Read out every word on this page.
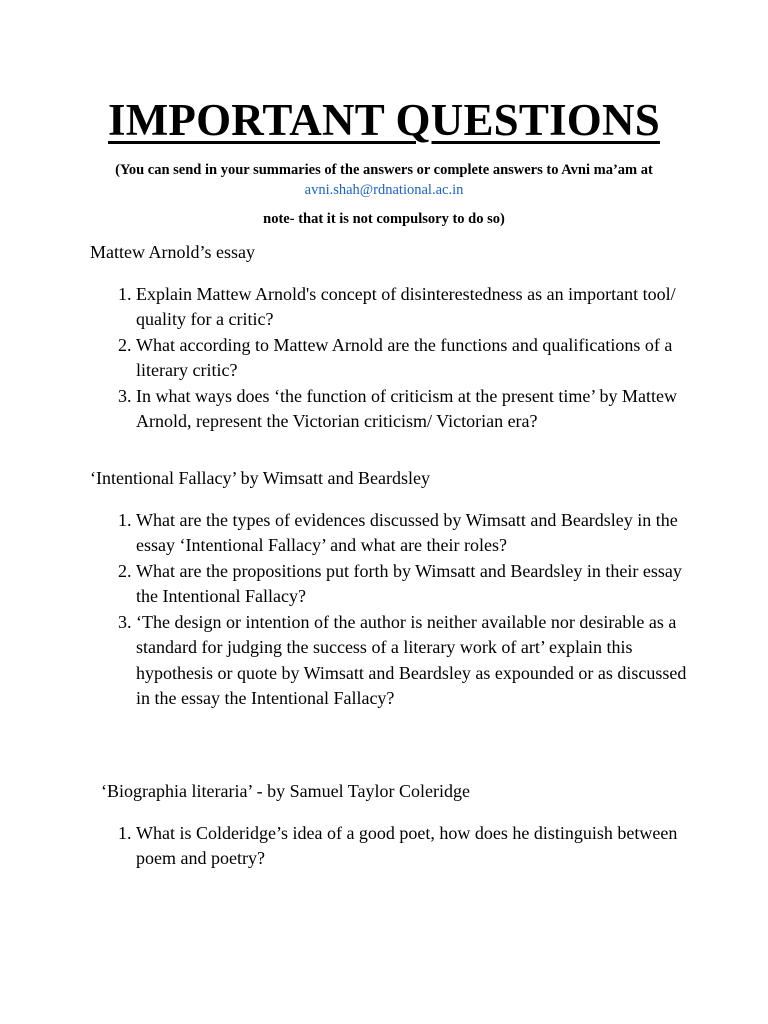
IMPORTANT QUESTIONS
(You can send in your summaries of the answers or complete answers to Avni ma’am at
avni.shah@rdnational.ac.in
note- that it is not compulsory to do so)
Mattew Arnold’s essay
1. Explain Mattew Arnold's concept of disinterestedness as an important tool/ quality for a critic?
2. What according to Mattew Arnold are the functions and qualifications of a literary critic?
3. In what ways does ‘the function of criticism at the present time’ by Mattew Arnold, represent the Victorian criticism/ Victorian era?
‘Intentional Fallacy’ by Wimsatt and Beardsley
1. What are the types of evidences discussed by Wimsatt and Beardsley in the essay ‘Intentional Fallacy’ and what are their roles?
2. What are the propositions put forth by Wimsatt and Beardsley in their essay the Intentional Fallacy?
3. ‘The design or intention of the author is neither available nor desirable as a standard for judging the success of a literary work of art’ explain this hypothesis or quote by Wimsatt and Beardsley as expounded or as discussed in the essay the Intentional Fallacy?
‘Biographia literaria’ - by Samuel Taylor Coleridge
1. What is Colderidge’s idea of a good poet, how does he distinguish between poem and poetry?
